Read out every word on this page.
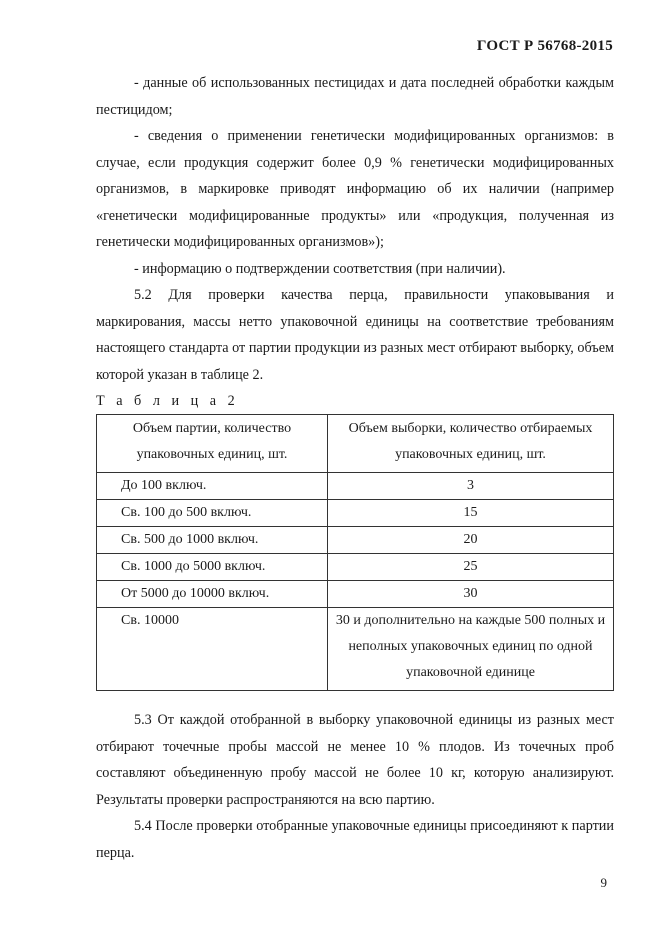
ГОСТ Р 56768-2015

- данные об использованных пестицидах и дата последней обработки каждым пестицидом;

- сведения о применении генетически модифицированных организмов: в случае, если продукция содержит более 0,9 % генетически модифицированных организмов, в маркировке приводят информацию об их наличии (например «генетически модифицированные продукты» или «продукция, полученная из генетически модифицированных организмов»);

- информацию о подтверждении соответствия (при наличии).

5.2 Для проверки качества перца, правильности упаковывания и маркирования, массы нетто упаковочной единицы на соответствие требованиям настоящего стандарта от партии продукции из разных мест отбирают выборку, объем которой указан в таблице 2.

Т а б л и ц а 2

Объем партии, количество упаковочных единиц, шт.	Объем выборки, количество отбираемых упаковочных единиц, шт.
До 100 включ.	3
Св. 100 до 500 включ.	15
Св. 500 до 1000 включ.	20
Св. 1000 до 5000 включ.	25
От 5000 до 10000 включ.	30
Св. 10000	30 и дополнительно на каждые 500 полных и неполных упаковочных единиц по одной упаковочной единице

5.3 От каждой отобранной в выборку упаковочной единицы из разных мест отбирают точечные пробы массой не менее 10 % плодов. Из точечных проб составляют объединенную пробу массой не более 10 кг, которую анализируют. Результаты проверки распространяются на всю партию.

5.4 После проверки отобранные упаковочные единицы присоединяют к партии перца.

9
